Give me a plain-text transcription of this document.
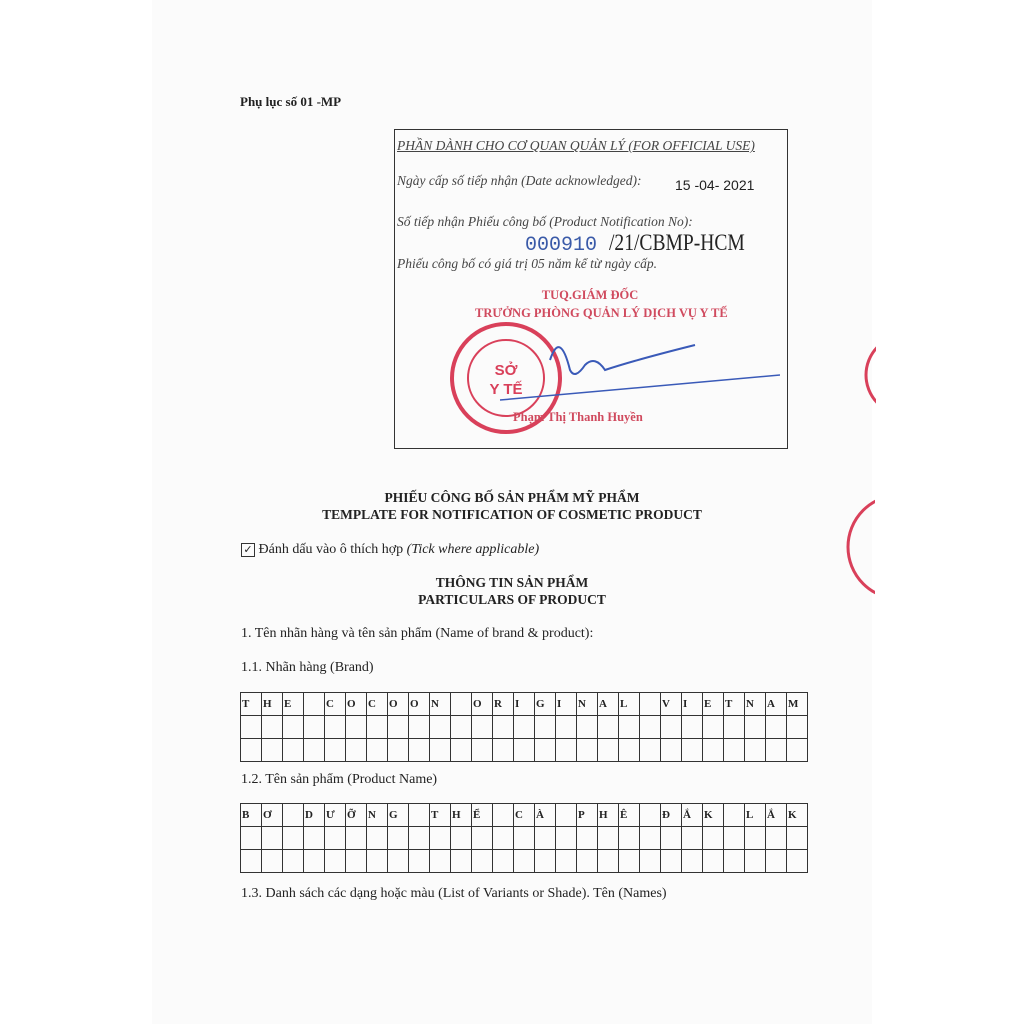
Phụ lục số 01 -MP
PHẦN DÀNH CHO CƠ QUAN QUẢN LÝ (FOR OFFICIAL USE)
Ngày cấp số tiếp nhận (Date acknowledged): 15 -04- 2021
Số tiếp nhận Phiếu công bố (Product Notification No):
000910 /21/CBMP-HCM
Phiếu công bố có giá trị 05 năm kể từ ngày cấp.
TUQ.GIÁM ĐỐC
TRƯỞNG PHÒNG QUẢN LÝ DỊCH VỤ Y TẾ
SỞ
Y TẾ
Phạm Thị Thanh Huyền
PHIẾU CÔNG BỐ SẢN PHẨM MỸ PHẨM
TEMPLATE FOR NOTIFICATION OF COSMETIC PRODUCT
✓ Đánh dấu vào ô thích hợp (Tick where applicable)
THÔNG TIN SẢN PHẨM
PARTICULARS OF PRODUCT
1. Tên nhãn hàng và tên sản phẩm (Name of brand & product):
1.1. Nhãn hàng (Brand)
T	H	E		C	O	C	O	O	N		O	R	I	G	I	N	A	L		V	I	E	T	N	A	M

1.2. Tên sản phẩm (Product Name)
B	Ơ		D	Ư	Ỡ	N	G		T	H	Ể		C	À		P	H	Ê		Đ	Ắ	K		L	Ắ	K

1.3. Danh sách các dạng hoặc màu (List of Variants or Shade). Tên (Names)
